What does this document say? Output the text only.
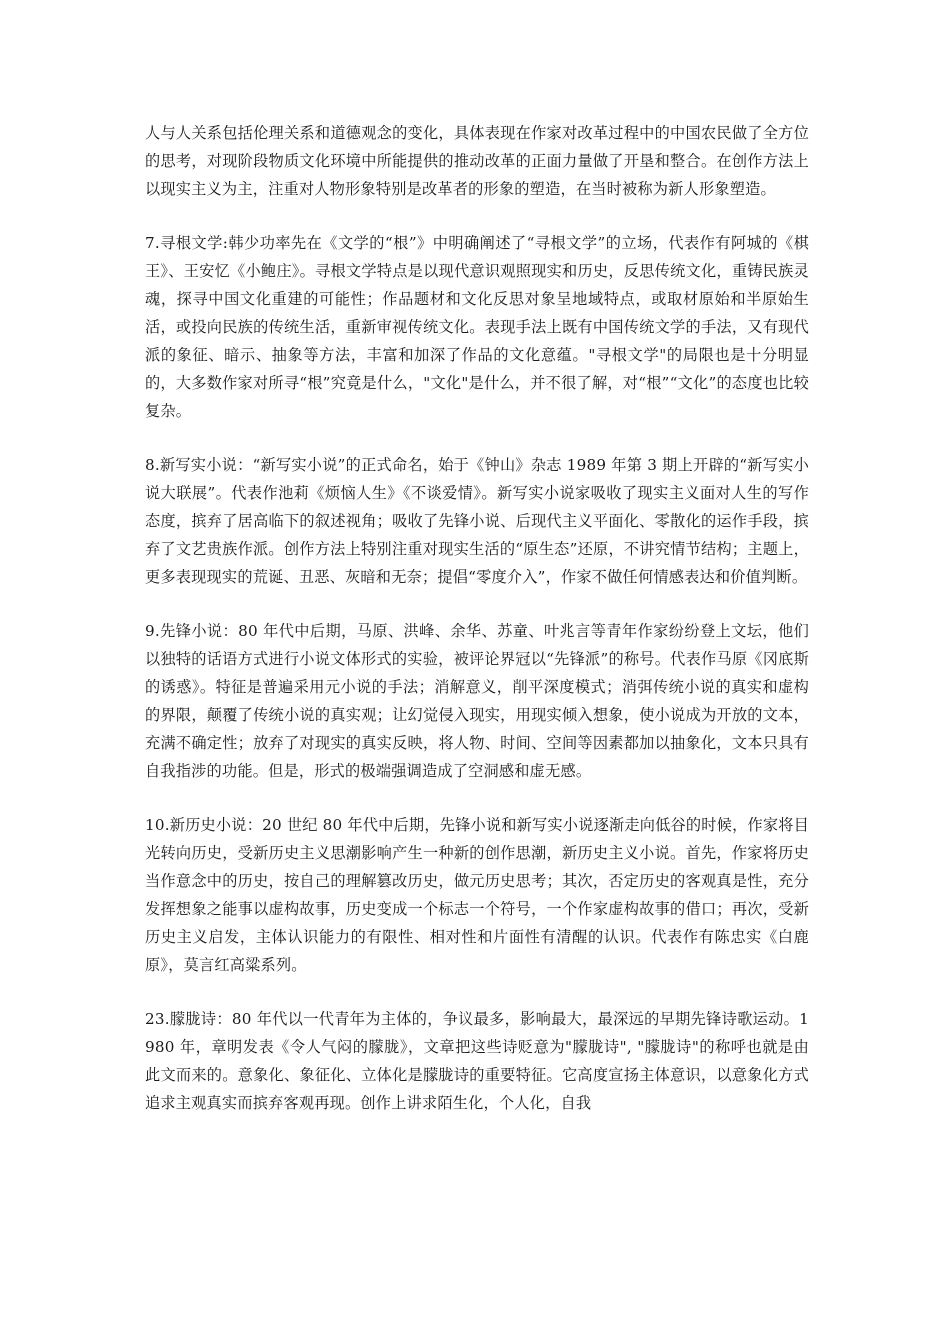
人与人关系包括伦理关系和道德观念的变化，具体表现在作家对改革过程中的中国农民做了全方位的思考，对现阶段物质文化环境中所能提供的推动改革的正面力量做了开垦和整合。在创作方法上以现实主义为主，注重对人物形象特别是改革者的形象的塑造，在当时被称为新人形象塑造。

7.寻根文学:韩少功率先在《文学的“根”》中明确阐述了“寻根文学”的立场，代表作有阿城的《棋王》、王安忆《小鲍庄》。寻根文学特点是以现代意识观照现实和历史，反思传统文化，重铸民族灵魂，探寻中国文化重建的可能性；作品题材和文化反思对象呈地域特点，或取材原始和半原始生活，或投向民族的传统生活，重新审视传统文化。表现手法上既有中国传统文学的手法，又有现代派的象征、暗示、抽象等方法，丰富和加深了作品的文化意蕴。"寻根文学"的局限也是十分明显的，大多数作家对所寻“根”究竟是什么，"文化"是什么，并不很了解，对“根”“文化”的态度也比较复杂。

8.新写实小说：“新写实小说”的正式命名，始于《钟山》杂志 1989 年第 3 期上开辟的“新写实小说大联展”。代表作池莉《烦恼人生》《不谈爱情》。新写实小说家吸收了现实主义面对人生的写作态度，摈弃了居高临下的叙述视角；吸收了先锋小说、后现代主义平面化、零散化的运作手段，摈弃了文艺贵族作派。创作方法上特别注重对现实生活的“原生态”还原，不讲究情节结构；主题上，更多表现现实的荒诞、丑恶、灰暗和无奈；提倡“零度介入”，作家不做任何情感表达和价值判断。

9.先锋小说：80 年代中后期，马原、洪峰、余华、苏童、叶兆言等青年作家纷纷登上文坛，他们以独特的话语方式进行小说文体形式的实验，被评论界冠以“先锋派”的称号。代表作马原《冈底斯的诱惑》。特征是普遍采用元小说的手法；消解意义，削平深度模式；消弭传统小说的真实和虚构的界限，颠覆了传统小说的真实观；让幻觉侵入现实，用现实倾入想象，使小说成为开放的文本，充满不确定性；放弃了对现实的真实反映，将人物、时间、空间等因素都加以抽象化，文本只具有自我指涉的功能。但是，形式的极端强调造成了空洞感和虚无感。

10.新历史小说：20 世纪 80 年代中后期，先锋小说和新写实小说逐渐走向低谷的时候，作家将目光转向历史，受新历史主义思潮影响产生一种新的创作思潮，新历史主义小说。首先，作家将历史当作意念中的历史，按自己的理解篡改历史，做元历史思考；其次，否定历史的客观真是性，充分发挥想象之能事以虚构故事，历史变成一个标志一个符号，一个作家虚构故事的借口；再次，受新历史主义启发，主体认识能力的有限性、相对性和片面性有清醒的认识。代表作有陈忠实《白鹿原》，莫言红高粱系列。

23.朦胧诗：80 年代以一代青年为主体的，争议最多，影响最大，最深远的早期先锋诗歌运动。1980 年，章明发表《令人气闷的朦胧》，文章把这些诗贬意为"朦胧诗", "朦胧诗"的称呼也就是由此文而来的。意象化、象征化、立体化是朦胧诗的重要特征。它高度宣扬主体意识，以意象化方式追求主观真实而摈弃客观再现。创作上讲求陌生化，个人化，自我
